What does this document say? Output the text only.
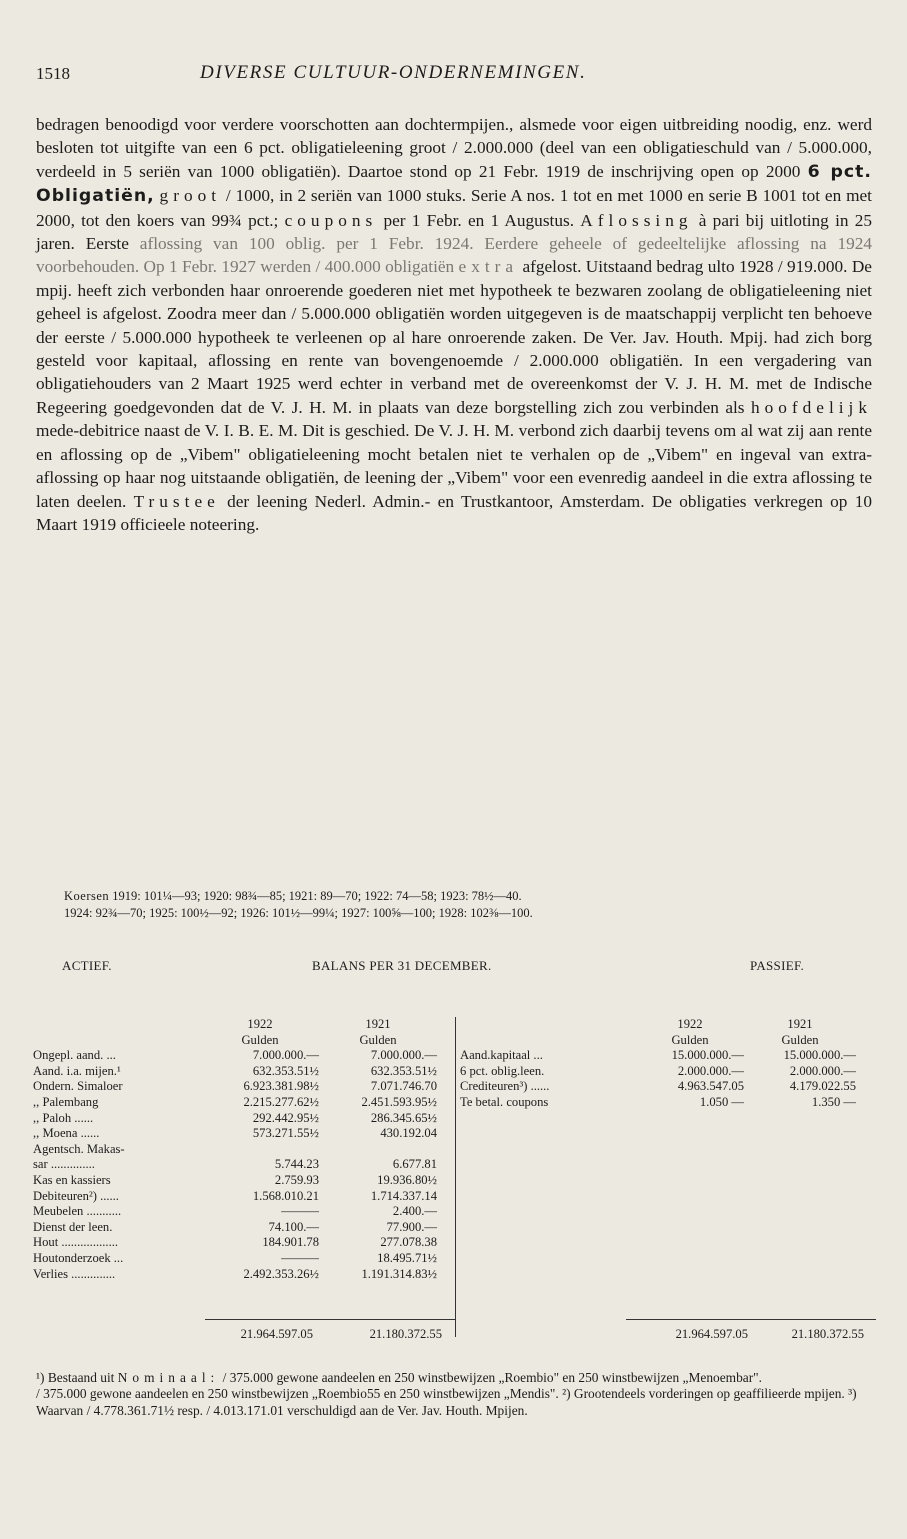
1518	DIVERSE CULTUUR-ONDERNEMINGEN.

bedragen benoodigd voor verdere voorschotten aan dochtermpijen., alsmede voor eigen uitbreiding noodig, enz. werd besloten tot uitgifte van een 6 pct. obligatieleening groot / 2.000.000 (deel van een obligatieschuld van / 5.000.000, verdeeld in 5 seriën van 1000 obligatiën). Daartoe stond op 21 Febr. 1919 de inschrijving open op 2000 6 pct. Obligatiën, groot / 1000, in 2 seriën van 1000 stuks. Serie A nos. 1 tot en met 1000 en serie B 1001 tot en met 2000, tot den koers van 99¾ pct.; coupons per 1 Febr. en 1 Augustus. Aflossing à pari bij uitloting in 25 jaren. Eerste aflossing van 100 oblig. per 1 Febr. 1924. Eerdere geheele of gedeeltelijke aflossing na 1924 voorbehouden. Op 1 Febr. 1927 werden / 400.000 obligatiën extra afgelost. Uitstaand bedrag ulto 1928 / 919.000. De mpij. heeft zich verbonden haar onroerende goederen niet met hypotheek te bezwaren zoolang de obligatieleening niet geheel is afgelost. Zoodra meer dan / 5.000.000 obligatiën worden uitgegeven is de maatschappij verplicht ten behoeve der eerste / 5.000.000 hypotheek te verleenen op al hare onroerende zaken. De Ver. Jav. Houth. Mpij. had zich borg gesteld voor kapitaal, aflossing en rente van bovengenoemde / 2.000.000 obligatiën. In een vergadering van obligatiehouders van 2 Maart 1925 werd echter in verband met de overeenkomst der V. J. H. M. met de Indische Regeering goedgevonden dat de V. J. H. M. in plaats van deze borgstelling zich zou verbinden als hoofdelijk mede-debitrice naast de V. I. B. E. M. Dit is geschied. De V. J. H. M. verbond zich daarbij tevens om al wat zij aan rente en aflossing op de „Vibem" obligatieleening mocht betalen niet te verhalen op de „Vibem" en ingeval van extra-aflossing op haar nog uitstaande obligatiën, de leening der „Vibem" voor een evenredig aandeel in die extra aflossing te laten deelen. Trustee der leening Nederl. Admin.- en Trustkantoor, Amsterdam. De obligaties verkregen op 10 Maart 1919 officieele noteering.

Koersen 1919: 101¼—93; 1920: 98¾—85; 1921: 89—70; 1922: 74—58; 1923: 78½—40.
1924: 92¾—70; 1925: 100½—92; 1926: 101½—99¼; 1927: 100⅝—100; 1928: 102⅜—100.
ACTIEF.	BALANS PER 31 DECEMBER.	PASSIEF.
1922	1921
Gulden	Gulden
Ongepl. aand. ...	7.000.000.—	7.000.000.—
Aand. i.a. mijen.¹	632.353.51½	632.353.51½
Ondern. Simaloer	6.923.381.98½	7.071.746.70
,, Palembang	2.215.277.62½	2.451.593.95½
,, Paloh ......	292.442.95½	286.345.65½
,, Moena ......	573.271.55½	430.192.04
Agentsch. Makas-
sar ..............	5.744.23	6.677.81
Kas en kassiers	2.759.93	19.936.80½
Debiteuren²) ......	1.568.010.21	1.714.337.14
Meubelen ...........	———	2.400.—
Dienst der leen.	74.100.—	77.900.—
Hout ..................	184.901.78	277.078.38
Houtonderzoek ...	———	18.495.71½
Verlies ..............	2.492.353.26½	1.191.314.83½
1922	1921
Gulden	Gulden
Aand.kapitaal ...	15.000.000.—	15.000.000.—
6 pct. oblig.leen.	2.000.000.—	2.000.000.—
Crediteuren³) ......	4.963.547.05	4.179.022.55
Te betal. coupons	1.050 —	1.350 —
21.964.597.05	21.180.372.55	21.964.597.05	21.180.372.55

¹) Bestaand uit Nominaal: / 375.000 gewone aandeelen en 250 winstbewijzen „Roembio" en 250 winstbewijzen „Menoembar".

/ 375.000 gewone aandeelen en 250 winstbewijzen „Roembio55 en 250 winstbewijzen „Mendis". ²) Grootendeels vorderingen op geaffilieerde mpijen. ³) Waarvan / 4.778.361.71½ resp. / 4.013.171.01 verschuldigd aan de Ver. Jav. Houth. Mpijen.
